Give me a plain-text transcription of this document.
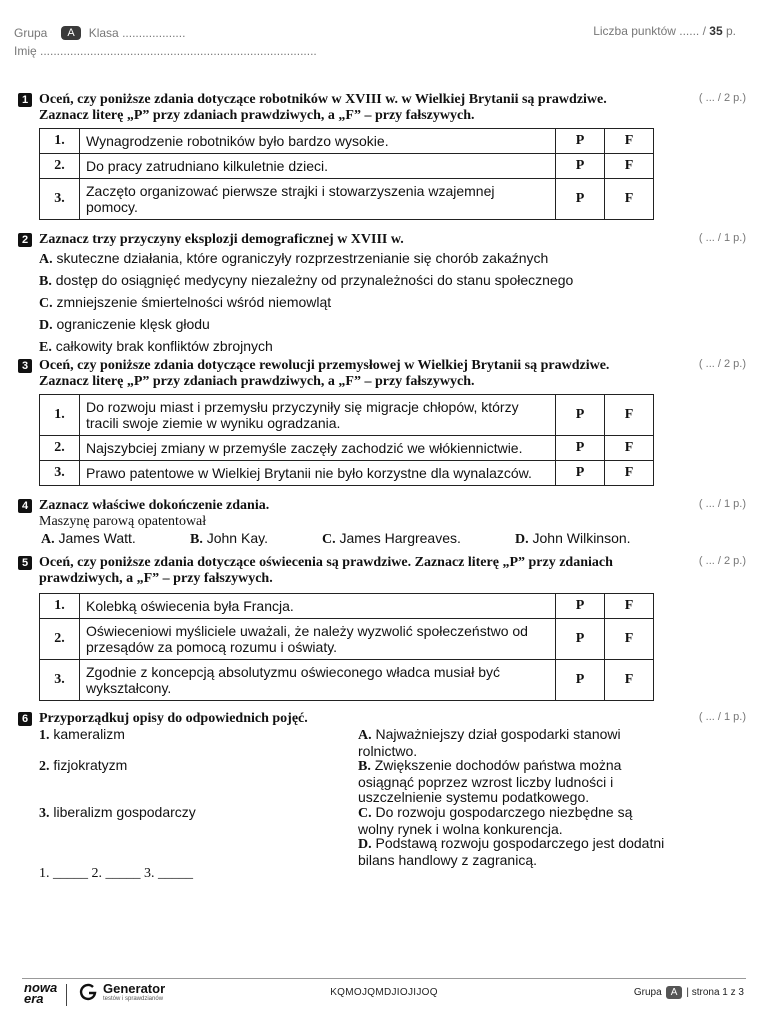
Grupa	A	Klasa
...................
Imię
...................................................................................
Liczba punktów ...... / 35 p.
1 Oceń, czy poniższe zdania dotyczące robotników w XVIII w. w Wielkiej Brytanii są prawdziwe. Zaznacz literę „P” przy zdaniach prawdziwych, a „F” – przy fałszywych.
( ... / 2 p.)
1.	Wynagrodzenie robotników było bardzo wysokie.	P	F
2.	Do pracy zatrudniano kilkuletnie dzieci.	P	F
3.	Zaczęto organizować pierwsze strajki i stowarzyszenia wzajemnej pomocy.	P	F
2 Zaznacz trzy przyczyny eksplozji demograficznej w XVIII w.	( ... / 1 p.)
A. skuteczne działania, które ograniczyły rozprzestrzenianie się chorób zakaźnych
B. dostęp do osiągnięć medycyny niezależny od przynależności do stanu społecznego
C. zmniejszenie śmiertelności wśród niemowląt
D. ograniczenie klęsk głodu
E. całkowity brak konfliktów zbrojnych
3 Oceń, czy poniższe zdania dotyczące rewolucji przemysłowej w Wielkiej Brytanii są prawdziwe. Zaznacz literę „P” przy zdaniach prawdziwych, a „F” – przy fałszywych.
( ... / 2 p.)
1.	Do rozwoju miast i przemysłu przyczyniły się migracje chłopów, którzy tracili swoje ziemie w wyniku ogradzania.	P	F
2.	Najszybciej zmiany w przemyśle zaczęły zachodzić we włókiennictwie.	P	F
3.	Prawo patentowe w Wielkiej Brytanii nie było korzystne dla wynalazców.	P	F
4 Zaznacz właściwe dokończenie zdania.	( ... / 1 p.)
Maszynę parową opatentował
A. James Watt.	B. John Kay.	C. James Hargreaves.	D. John Wilkinson.
5 Oceń, czy poniższe zdania dotyczące oświecenia są prawdziwe. Zaznacz literę „P” przy zdaniach prawdziwych, a „F” – przy fałszywych.
( ... / 2 p.)
1.	Kolebką oświecenia była Francja.	P	F
2.	Oświeceniowi myśliciele uważali, że należy wyzwolić społeczeństwo od przesądów za pomocą rozumu i oświaty.	P	F
3.	Zgodnie z koncepcją absolutyzmu oświeconego władca musiał być wykształcony.	P	F
6 Przyporządkuj opisy do odpowiednich pojęć.	( ... / 1 p.)
1. kameralizm
2. fizjokratyzm
3. liberalizm gospodarczy
A. Najważniejszy dział gospodarki stanowi rolnictwo.
B. Zwiększenie dochodów państwa można osiągnąć poprzez wzrost liczby ludności i uszczelnienie systemu podatkowego.
C. Do rozwoju gospodarczego niezbędne są wolny rynek i wolna konkurencja.
D. Podstawą rozwoju gospodarczego jest dodatni bilans handlowy z zagranicą.
1. _____ 2. _____ 3. _____
nowa era
Generator
testów i sprawdzianów
KQMOJQMDJIOJIJOQ	Grupa A | strona 1 z 3
